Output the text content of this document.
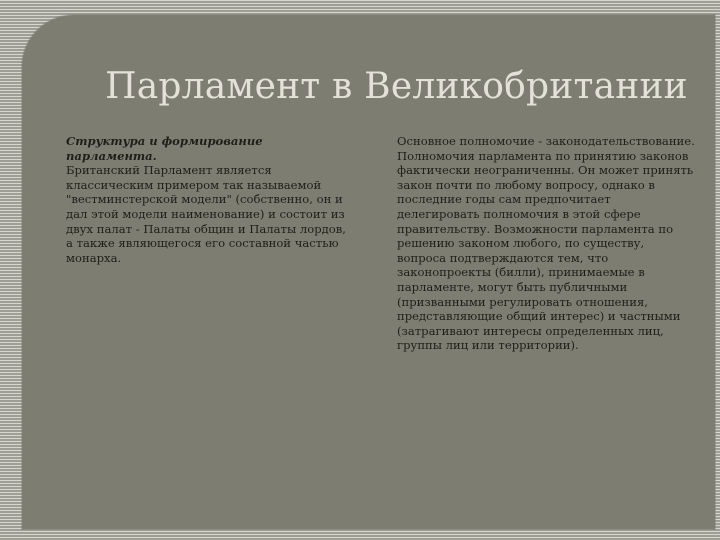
Парламент в Великобритании

Структура и формирование парламента.

Британский Парламент является классическим примером так называемой "вестминстерской модели" (собственно, он и дал этой модели наименование) и состоит из двух палат - Палаты общин и Палаты лордов, а также являющегося его составной частью монарха.

Основное полномочие - законодательствование. Полномочия парламента по принятию законов фактически неограниченны. Он может принять закон почти по любому вопросу, однако в последние годы сам предпочитает делегировать полномочия в этой сфере правительству. Возможности парламента по решению законом любого, по существу, вопроса подтверждаются тем, что законопроекты (билли), принимаемые в парламенте, могут быть публичными (призванными регулировать отношения, представляющие общий интерес) и частными (затрагивают интересы определенных лиц, группы лиц или территории).
